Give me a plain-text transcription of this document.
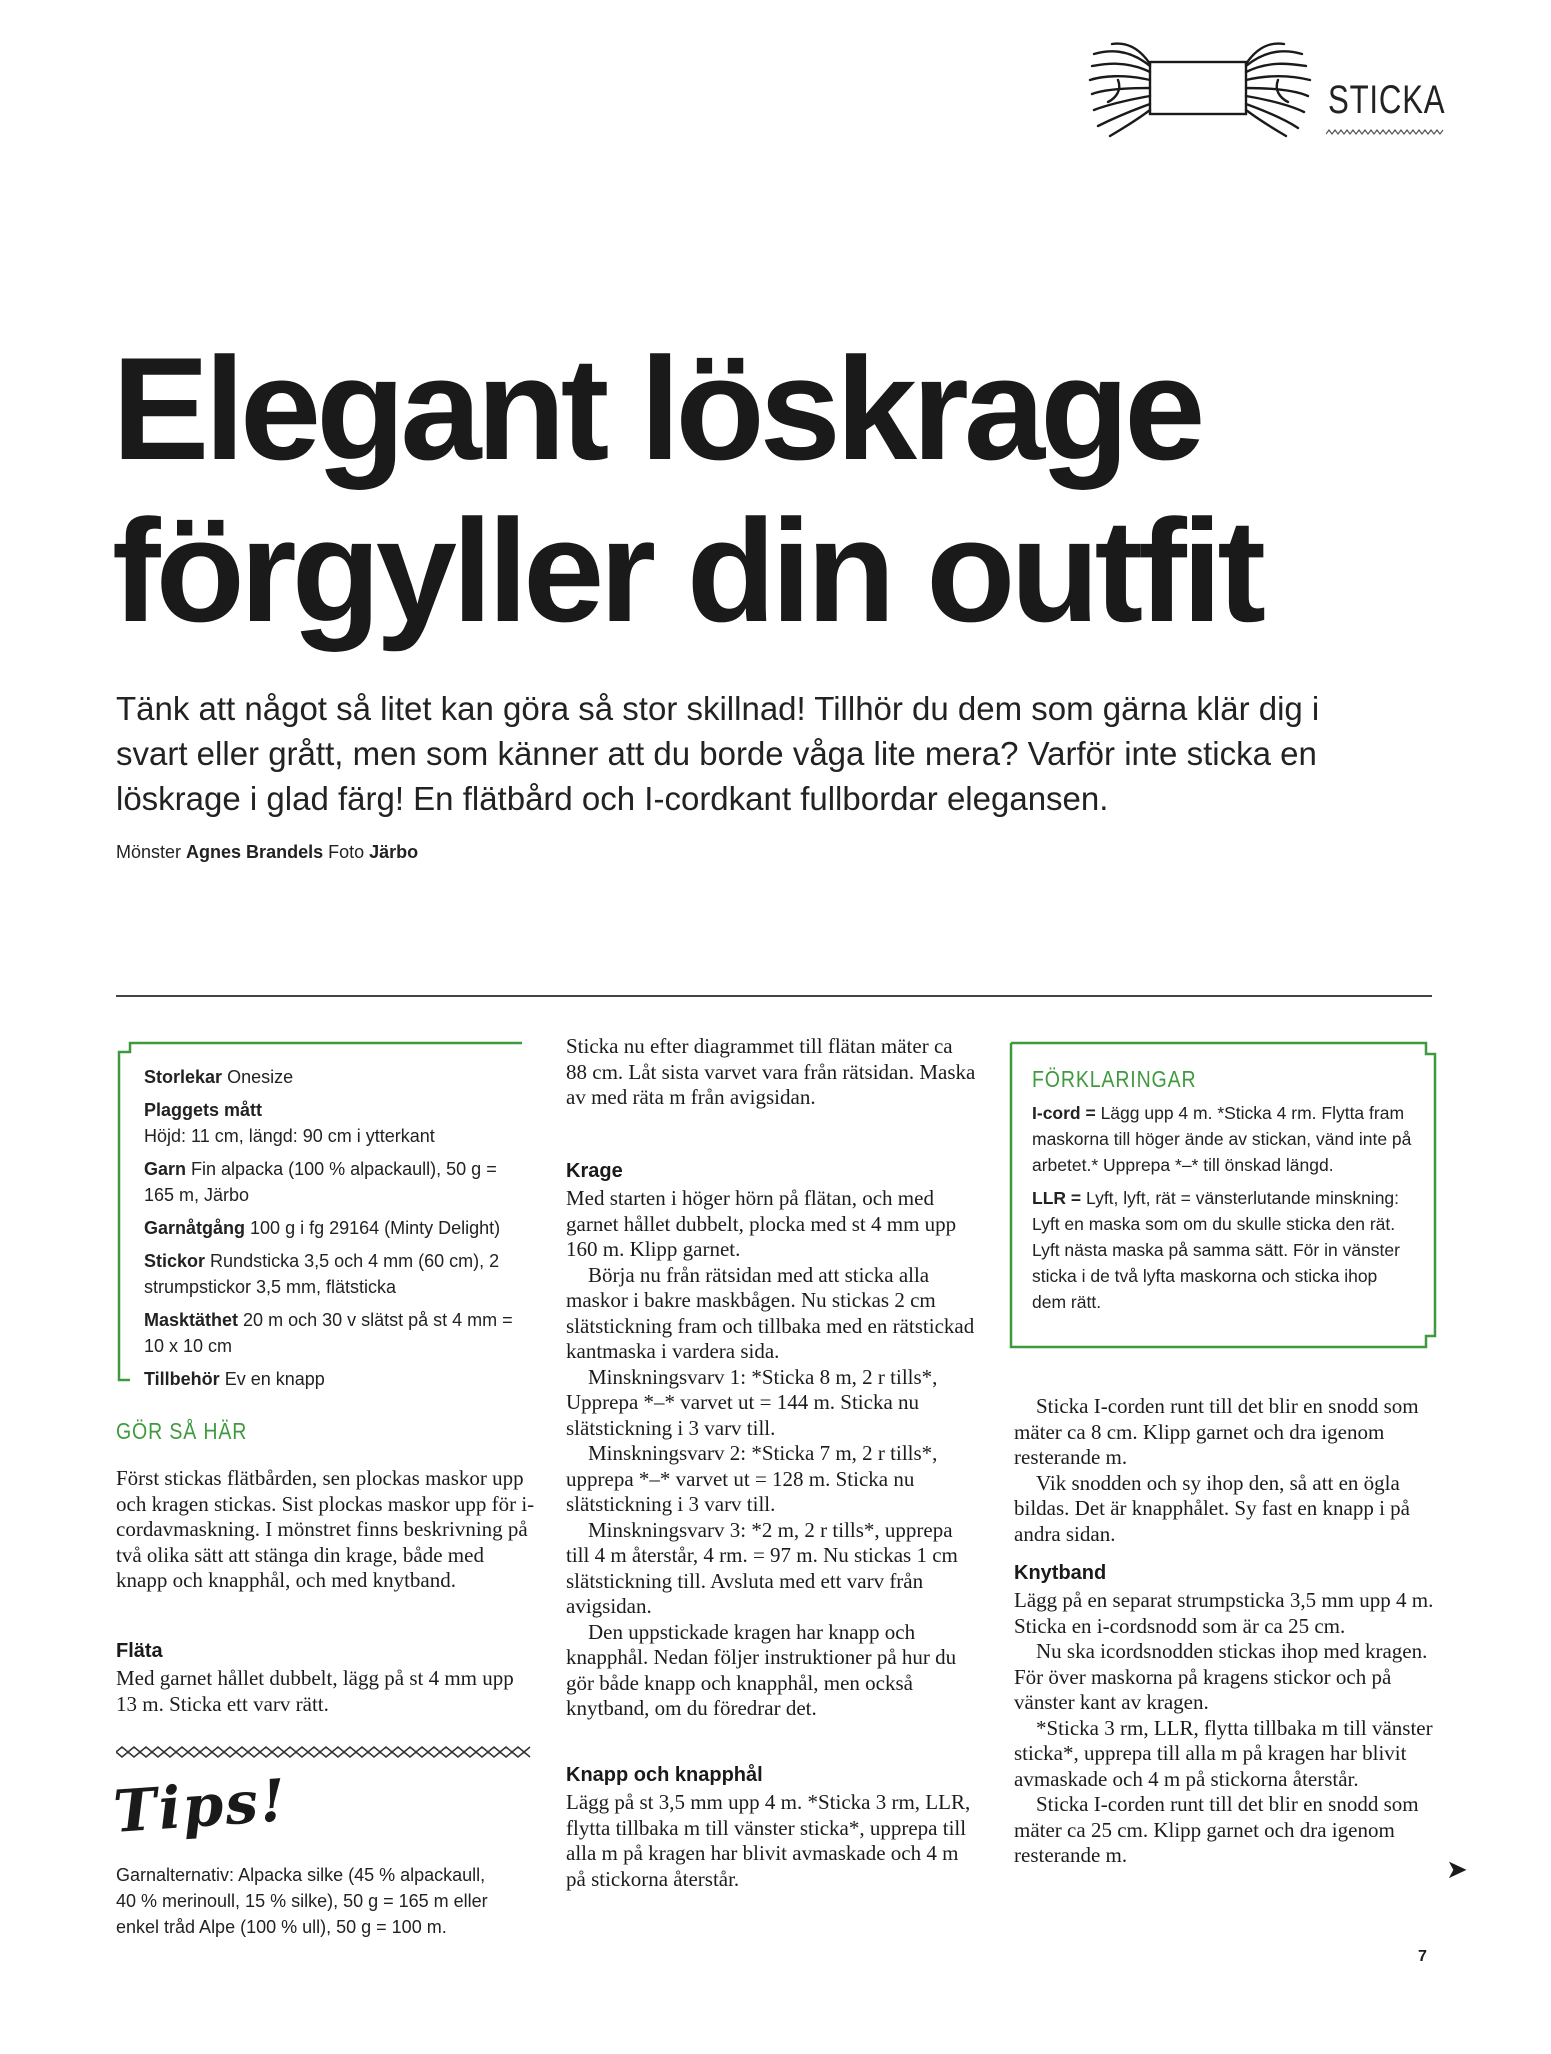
STICKA
Elegant löskrage
förgyller din outfit

Tänk att något så litet kan göra så stor skillnad! Tillhör du dem som gärna klär dig i svart eller grått, men som känner att du borde våga lite mera? Varför inte sticka en löskrage i glad färg! En flätbård och I-cordkant fullbordar elegansen.

Mönster Agnes Brandels Foto Järbo
Storlekar Onesize
Plaggets mått
Höjd: 11 cm, längd: 90 cm i ytterkant
Garn Fin alpacka (100 % alpackaull), 50 g = 165 m, Järbo
Garnåtgång 100 g i fg 29164 (Minty Delight)
Stickor Rundsticka 3,5 och 4 mm (60 cm), 2 strumpstickor 3,5 mm, flätsticka
Masktäthet 20 m och 30 v slätst på st 4 mm = 10 x 10 cm
Tillbehör Ev en knapp
GÖR SÅ HÄR

Först stickas flätbården, sen plockas maskor upp och kragen stickas. Sist plockas maskor upp för i-cordavmaskning. I mönstret finns beskrivning på två olika sätt att stänga din krage, både med knapp och knapphål, och med knytband.

Fläta

Med garnet hållet dubbelt, lägg på st 4 mm upp 13 m. Sticka ett varv rätt.

Tips!

Garnalternativ: Alpacka silke (45 % alpackaull, 40 % merinoull, 15 % silke), 50 g = 165 m eller enkel tråd Alpe (100 % ull), 50 g = 100 m.

Sticka nu efter diagrammet till flätan mäter ca 88 cm. Låt sista varvet vara från rätsidan. Maska av med räta m från avigsidan.

Krage

Med starten i höger hörn på flätan, och med garnet hållet dubbelt, plocka med st 4 mm upp 160 m. Klipp garnet.

Börja nu från rätsidan med att sticka alla maskor i bakre maskbågen. Nu stickas 2 cm slätstickning fram och tillbaka med en rätstickad kantmaska i vardera sida.

Minskningsvarv 1: *Sticka 8 m, 2 r tills*, Upprepa *–* varvet ut = 144 m. Sticka nu slätstickning i 3 varv till.

Minskningsvarv 2: *Sticka 7 m, 2 r tills*, upprepa *–* varvet ut = 128 m. Sticka nu slätstickning i 3 varv till.

Minskningsvarv 3: *2 m, 2 r tills*, upprepa till 4 m återstår, 4 rm. = 97 m. Nu stickas 1 cm slätstickning till. Avsluta med ett varv från avigsidan.

Den uppstickade kragen har knapp och knapphål. Nedan följer instruktioner på hur du gör både knapp och knapphål, men också knytband, om du föredrar det.

Knapp och knapphål

Lägg på st 3,5 mm upp 4 m. *Sticka 3 rm, LLR, flytta tillbaka m till vänster sticka*, upprepa till alla m på kragen har blivit avmaskade och 4 m på stickorna återstår.

FÖRKLARINGAR
I-cord = Lägg upp 4 m. *Sticka 4 rm. Flytta fram maskorna till höger ände av stickan, vänd inte på arbetet.* Upprepa *–* till önskad längd.
LLR = Lyft, lyft, rät = vänsterlutande minskning: Lyft en maska som om du skulle sticka den rät. Lyft nästa maska på samma sätt. För in vänster sticka i de två lyfta maskorna och sticka ihop dem rätt.

Sticka I-corden runt till det blir en snodd som mäter ca 8 cm. Klipp garnet och dra igenom resterande m.

Vik snodden och sy ihop den, så att en ögla bildas. Det är knapphålet. Sy fast en knapp i på andra sidan.

Knytband

Lägg på en separat strumpsticka 3,5 mm upp 4 m. Sticka en i-cordsnodd som är ca 25 cm.

Nu ska icordsnodden stickas ihop med kragen. För över maskorna på kragens stickor och på vänster kant av kragen.

*Sticka 3 rm, LLR, flytta tillbaka m till vänster sticka*, upprepa till alla m på kragen har blivit avmaskade och 4 m på stickorna återstår.

Sticka I-corden runt till det blir en snodd som mäter ca 25 cm. Klipp garnet och dra igenom resterande m.	➤
7
